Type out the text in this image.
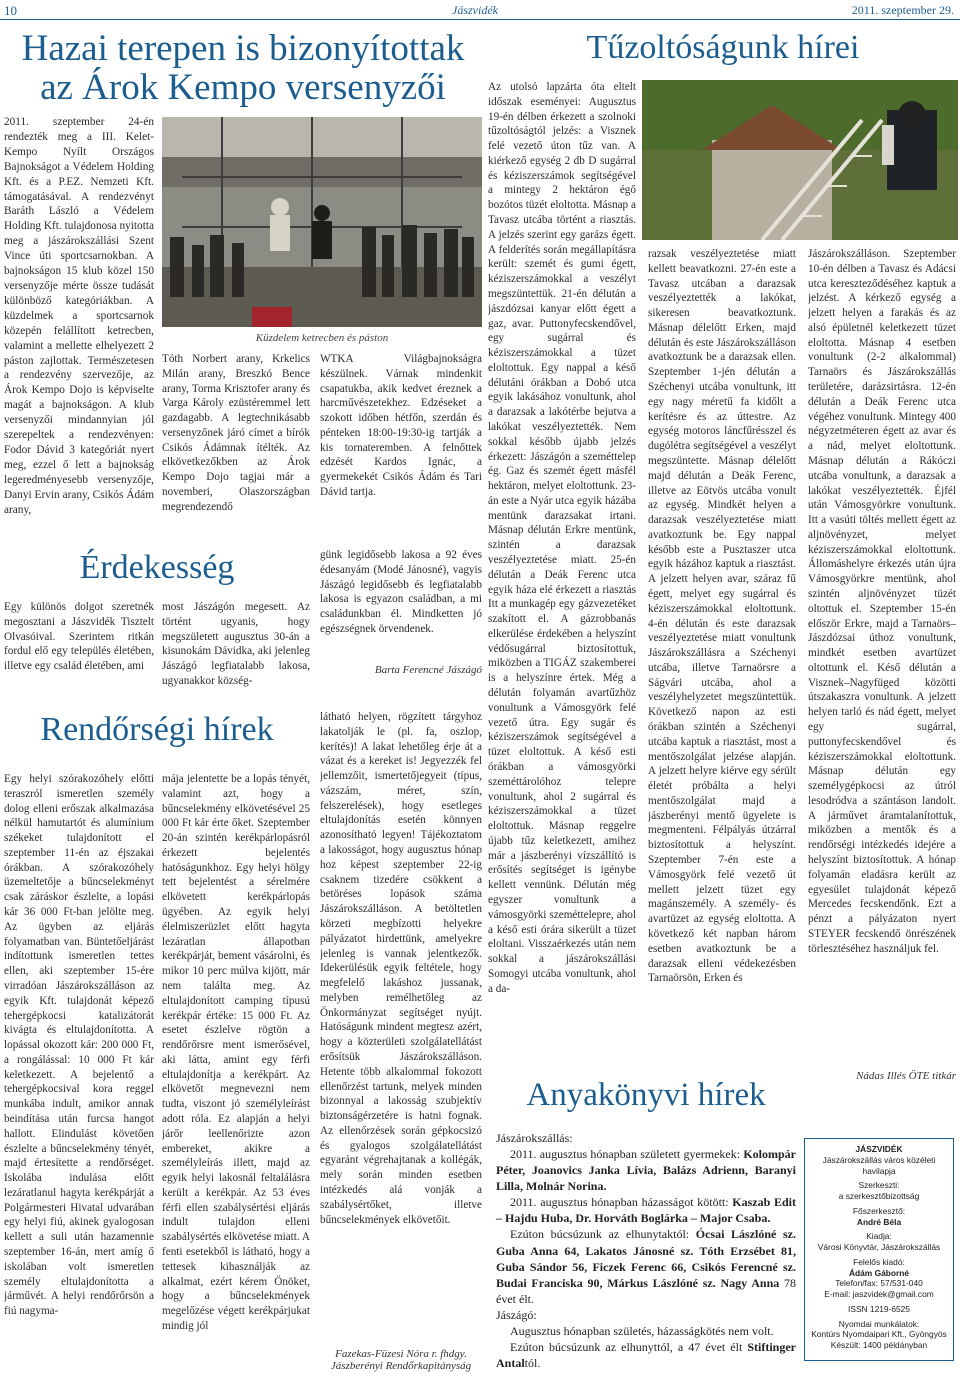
10	Jászvidék	2011. szeptember 29.
Hazai terepen is bizonyítottak
az Árok Kempo versenyzői
2011. szeptember 24-én rendezték meg a III. Kelet-Kempo Nyílt Országos Bajnokságot a Védelem Holding Kft. és a P.EZ. Nemzeti Kft. támogatásával. A rendezvényt Baráth László a Védelem Holding Kft. tulajdonosa nyitotta meg a jászárokszállási Szent Vince úti sportcsarnokban. A bajnokságon 15 klub közel 150 versenyzője mérte össze tudását különböző kategóriákban. A küzdelmek a sportcsarnok közepén felállított ketrecben, valamint a mellette elhelyezett 2 páston zajlottak. Természetesen a rendezvény szervezője, az Árok Kempo Dojo is képviselte magát a bajnokságon. A klub versenyzői mindannyian jól szerepeltek a rendezvényen: Fodor Dávid 3 kategóriát nyert meg, ezzel ő lett a bajnokság legeredményesebb versenyzője, Danyi Ervin arany, Csikós Ádám arany,
Küzdelem ketrecben és páston
Tóth Norbert arany, Krkelics Milán arany, Breszkó Bence arany, Torma Krisztofer arany és Varga Károly ezüstéremmel lett gazdagabb. A legtechnikásabb versenyzőnek járó címet a bírók Csikós Ádámnak ítélték. Az elkövetkezőkben az Árok Kempo Dojo tagjai már a novemberi, Olaszországban megrendezendő
WTKA Világbajnokságra készülnek. Várnak mindenkit csapatukba, akik kedvet éreznek a harcművészetekhez. Edzéseket a szokott időben hétfőn, szerdán és pénteken 18:00-19:30-ig tartják a kis tornateremben. A felnőttek edzését Kardos Ignác, a gyermekekét Csikós Ádám és Tari Dávid tartja.
Érdekesség
Egy különös dolgot szeretnék megosztani a Jászvidék Tisztelt Olvasóival. Szerintem ritkán fordul elő egy település életében, illetve egy család életében, ami
most Jászágón megesett. Az történt ugyanis, hogy megszületett augusztus 30-án a kisunokám Dávidka, aki jelenleg Jászágó legfiatalabb lakosa, ugyanakkor község-
günk legidősebb lakosa a 92 éves édesanyám (Modé Jánosné), vagyis Jászágó legidősebb és legfiatalabb lakosa is egyazon családban, a mi családunkban él. Mindketten jó egészségnek örvendenek.
Barta Ferencné Jászágó
Rendőrségi hírek
Egy helyi szórakozóhely előtti teraszról ismeretlen személy dolog elleni erőszak alkalmazása nélkül hamutartót és alumínium székeket tulajdonított el szeptember 11-én az éjszakai órákban. A szórakozóhely üzemeltetője a bűncselekményt csak záráskor észlelte, a lopási kár 36 000 Ft-ban jelölte meg. Az ügyben az eljárás folyamatban van. Büntetőeljárást indítottunk ismeretlen tettes ellen, aki szeptember 15-ére virradóan Jászárokszálláson az egyik Kft. tulajdonát képező tehergépkocsi katalizátorát kivágta és eltulajdonította. A lopással okozott kár: 200 000 Ft, a rongálással: 10 000 Ft kár keletkezett. A bejelentő a tehergépkocsival kora reggel munkába indult, amikor annak beindítása után furcsa hangot hallott. Elindulást követően észlelte a bűncselekmény tényét, majd értesítette a rendőrséget. Iskolába indulása előtt lezáratlanul hagyta kerékpárját a Polgármesteri Hivatal udvarában egy helyi fiú, akinek gyalogosan kellett a suli után hazamennie szeptember 16-án, mert amíg ő iskolában volt ismeretlen személy eltulajdonította a járművét. A helyi rendőrőrsön a fiú nagyma-
mája jelentette be a lopás tényét, valamint azt, hogy a bűncselekmény elkövetésével 25 000 Ft kár érte őket. Szeptember 20-án szintén kerékpárlopásról érkezett bejelentés hatóságunkhoz. Egy helyi hölgy tett bejelentést a sérelmére elkövetett kerékpárlopás ügyében. Az egyik helyi élelmiszerüzlet előtt hagyta lezáratlan állapotban kerékpárját, bement vásárolni, és mikor 10 perc múlva kijött, már nem találta meg. Az eltulajdonított camping típusú kerékpár értéke: 15 000 Ft. Az esetet észlelve rögtön a rendőrőrsre ment ismerősével, aki látta, amint egy férfi eltulajdonítja a kerékpárt. Az elkövetőt megnevezni nem tudta, viszont jó személyleírást adott róla. Ez alapján a helyi járőr leellenőrizte azon embereket, akikre a személyleírás illett, majd az egyik helyi lakosnál feltalálásra került a kerékpár. Az 53 éves férfi ellen szabálysértési eljárás indult tulajdon elleni szabálysértés elkövetése miatt. A fenti esetekből is látható, hogy a tettesek kihasználják az alkalmat, ezért kérem Önöket, hogy a bűncselekmények megelőzése végett kerékpárjukat mindig jól
látható helyen, rögzített tárgyhoz lakatolják le (pl. fa, oszlop, kerítés)! A lakat lehetőleg érje át a vázat és a kereket is! Jegyezzék fel jellemzőit, ismertetőjegyeit (típus, vázszám, méret, szín, felszerelések), hogy esetleges eltulajdonítás esetén könnyen azonosítható legyen! Tájékoztatom a lakosságot, hogy augusztus hónap hoz képest szeptember 22-ig csaknem tizedére csökkent a betöréses lopások száma Jászárokszálláson. A betöltetlen körzeti megbízotti helyekre pályázatot hirdettünk, amelyekre jelenleg is vannak jelentkezők. Idekerülésük egyik feltétele, hogy megfelelő lakáshoz jussanak, melyben remélhetőleg az Önkormányzat segítséget nyújt. Hatóságunk mindent megtesz azért, hogy a közterületi szolgálatellátást erősítsük Jászárokszálláson. Hetente több alkalommal fokozott ellenőrzést tartunk, melyek minden bizonnyal a lakosság szubjektív biztonságérzetére is hatni fognak. Az ellenőrzések során gépkocsizó és gyalogos szolgálatellátást egyaránt végrehajtanak a kollégák, mely során minden esetben intézkedés alá vonják a szabálysértőket, illetve bűncselekmények elkövetőit.
Fazekas-Füzesi Nóra r. fhdgy. Jászberényi Rendőrkapitányság
Tűzoltóságunk hírei
Az utolsó lapzárta óta eltelt időszak eseményei: Augusztus 19-én délben érkezett a szolnoki tűzoltóságtól jelzés: a Visznek felé vezető úton tűz van. A kiérkező egység 2 db D sugárral és kéziszerszámok segítségével a mintegy 2 hektáron égő bozótos tüzét eloltotta. Másnap a Tavasz utcába történt a riasztás. A jelzés szerint egy garázs égett. A felderítés során megállapításra került: szemét és gumi égett, kéziszerszámokkal a veszélyt megszüntettük. 21-én délután a jászdózsai kanyar előtt égett a gaz, avar. Puttonyfecskendővel, egy sugárral és kéziszerszámokkal a tüzet eloltottuk. Egy nappal a késő délutáni órákban a Dobó utca egyik lakásához vonultunk, ahol a darazsak a lakótérbe bejutva a lakókat veszélyeztették. Nem sokkal később újabb jelzés érkezett: Jászágón a szeméttelep ég. Gaz és szemét égett másfél hektáron, melyet eloltottunk. 23-án este a Nyár utca egyik házába mentünk darazsakat irtani. Másnap délután Erkre mentünk, szintén a darazsak veszélyeztetése miatt. 25-én délután a Deák Ferenc utca egyik háza elé érkezett a riasztás Itt a munkagép egy gázvezetéket szakított el. A gázrobbanás elkerülése érdekében a helyszínt védősugárral biztosítottuk, miközben a TIGÁZ szakemberei is a helyszínre értek. Még a délután folyamán avartűzhöz vonultunk a Vámosgyörk felé vezető útra. Egy sugár és kéziszerszámok segítségével a tüzet eloltottuk. A késő esti órákban a vámosgyörki szeméttárolóhoz telepre vonultunk, ahol 2 sugárral és kéziszerszámokkal a tüzet eloltottuk. Másnap reggelre újabb tűz keletkezett, amihez már a jászberényi vízszállító is erősítés segítséget is igénybe kellett vennünk. Délután még egyszer vonultunk a vámosgyörki szeméttelepre, ahol a késő esti órára sikerült a tüzet eloltani. Visszaérkezés után nem sokkal a jászárokszállási Somogyi utcába vonultunk, ahol a da-
razsak veszélyeztetése miatt kellett beavatkozni. 27-én este a Tavasz utcában a darazsak veszélyeztették a lakókat, sikeresen beavatkoztunk. Másnap délelőtt Erken, majd délután és este Jászárokszálláson avatkoztunk be a darazsak ellen. Szeptember 1-jén délután a Széchenyi utcába vonultunk, itt egy nagy méretű fa kidőlt a kerítésre és az úttestre. Az egység motoros láncfűrésszel és dugólétra segítségével a veszélyt megszüntette. Másnap délelőtt majd délután a Deák Ferenc, illetve az Eötvös utcába vonult az egység. Mindkét helyen a darazsak veszélyeztetése miatt avatkoztunk be. Egy nappal később este a Pusztaszer utca egyik házához kaptuk a riasztást. A jelzett helyen avar, száraz fű égett, melyet egy sugárral és kéziszerszámokkal eloltottunk. 4-én délután és este darazsak veszélyeztetése miatt vonultunk Jászárokszállásra a Széchenyi utcába, illetve Tarnaörsre a Ságvári utcába, ahol a veszélyhelyzetet megszüntettük. Következő napon az esti órákban szintén a Széchenyi utcába kaptuk a riasztást, most a mentőszolgálat jelzése alapján. A jelzett helyre kiérve egy sérült életét próbálta a helyi mentőszolgálat majd a jászberényi mentő ügyelete is megmenteni. Félpályás útzárral biztosítottuk a helyszínt. Szeptember 7-én este a Vámosgyörk felé vezető út mellett jelzett tüzet egy magánszemély. A személy- és avartüzet az egység eloltotta. A következő két napban három esetben avatkoztunk be a darazsak elleni védekezésben Tarnaörsön, Erken és
Jászárokszálláson. Szeptember 10-én délben a Tavasz és Adácsi utca kereszteződéséhez kaptuk a jelzést. A kérkező egység a jelzett helyen a farakás és az alsó épületnél keletkezett tüzet eloltotta. Másnap 4 esetben vonultunk (2-2 alkalommal) Tarnaörs és Jászárokszállás területére, darázsirtásra. 12-én délután a Deák Ferenc utca végéhez vonultunk. Mintegy 400 négyzetméteren égett az avar és a nád, melyet eloltottunk. Másnap délután a Rákóczi utcába vonultunk, a darazsak a lakókat veszélyeztették. Éjfél után Vámosgyörkre vonultunk. Itt a vasúti töltés mellett égett az aljnövényzet, melyet kéziszerszámokkal eloltottunk. Állomáshelyre érkezés után újra Vámosgyörkre mentünk, ahol szintén aljnövényzet tüzét oltottuk el. Szeptember 15-én először Erkre, majd a Tarnaörs–Jászdózsai úthoz vonultunk, mindkét esetben avartüzet oltottunk el. Késő délután a Visznek–Nagyfüged közötti útszakaszra vonultunk. A jelzett helyen tarló és nád égett, melyet egy sugárral, puttonyfecskendővel és kéziszerszámokkal eloltottunk. Másnap délután egy személygépkocsi az útról lesodródva a szántáson landolt. A járművet áramtalanítottuk, miközben a mentők és a rendőrségi intézkedés idejére a helyszínt biztosítottuk. A hónap folyamán eladásra került az egyesület tulajdonát képező Mercedes fecskendőnk. Ezt a pénzt a pályázaton nyert STEYER fecskendő önrészének törlesztéséhez használjuk fel.
Nádas Illés ÖTE titkár
Anyakönyvi hírek
Jászárokszállás:
2011. augusztus hónapban született gyermekek: Kolompár Péter, Joanovics Janka Lívia, Balázs Adrienn, Baranyi Lilla, Molnár Norina.
2011. augusztus hónapban házasságot kötött: Kaszab Edit – Hajdu Huba, Dr. Horváth Boglárka – Major Csaba.
Ezúton búcsúzunk az elhunytaktól: Ócsai Lászlóné sz. Guba Anna 64, Lakatos Jánosné sz. Tóth Erzsébet 81, Guba Sándor 56, Ficzek Ferenc 66, Csikós Ferencné sz. Budai Franciska 90, Márkus Lászlóné sz. Nagy Anna 78 évet élt.
Jászágó:
Augusztus hónapban születés, házasságkötés nem volt.
Ezúton búcsúzunk az elhunyttól, a 47 évet élt Stiftinger Antaltól.
JÁSZVIDÉK
Jászárokszállás város közéleti havilapja
Szerkeszti:
a szerkesztőbizottság
Főszerkesztő:
André Béla
Kiadja:
Városi Könyvtár, Jászárokszállás
Felelős kiadó:
Ádám Gáborné
Telefon/fax: 57/531-040
E-mail: jaszvidek@gmail.com
ISSN 1219-6525
Nyomdai munkálatok:
Kontúrs Nyomdaipari Kft., Gyöngyös
Készült: 1400 példányban
